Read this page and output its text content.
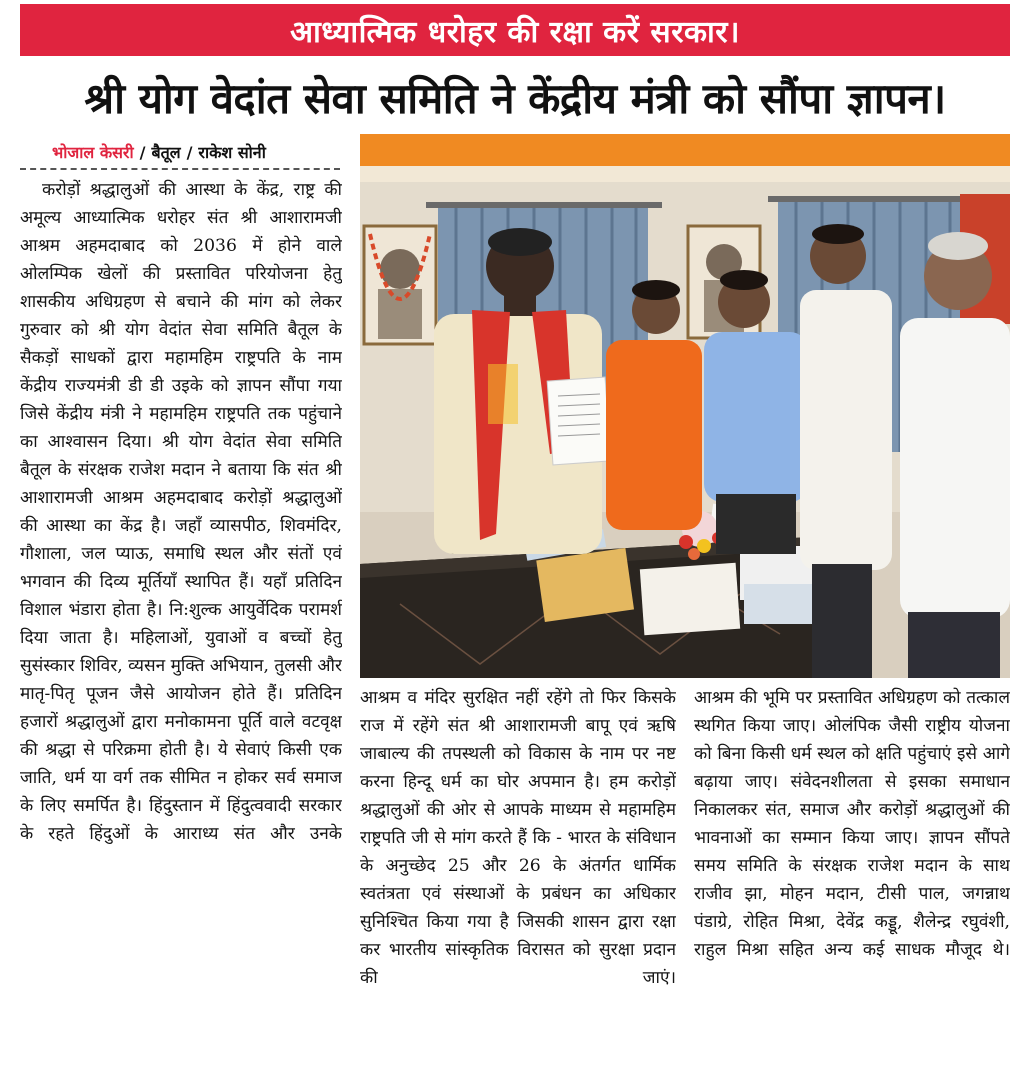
आध्यात्मिक धरोहर की रक्षा करें सरकार।
श्री योग वेदांत सेवा समिति ने केंद्रीय मंत्री को सौंपा ज्ञापन।
भोजाल केसरी / बैतूल / राकेश सोनी

करोड़ों श्रद्धालुओं की आस्था के केंद्र, राष्ट्र की अमूल्य आध्यात्मिक धरोहर संत श्री आशारामजी आश्रम अहमदाबाद को 2036 में होने वाले ओलम्पिक खेलों की प्रस्तावित परियोजना हेतु शासकीय अधिग्रहण से बचाने की मांग को लेकर गुरुवार को श्री योग वेदांत सेवा समिति बैतूल के सैकड़ों साधकों द्वारा महामहिम राष्ट्रपति के नाम केंद्रीय राज्यमंत्री डी डी उइके को ज्ञापन सौंपा गया जिसे केंद्रीय मंत्री ने महामहिम राष्ट्रपति तक पहुंचाने का आश्वासन दिया। श्री योग वेदांत सेवा समिति बैतूल के संरक्षक राजेश मदान ने बताया कि संत श्री आशारामजी आश्रम अहमदाबाद करोड़ों श्रद्धालुओं की आस्था का केंद्र है। जहाँ व्यासपीठ, शिवमंदिर, गौशाला, जल प्याऊ, समाधि स्थल और संतों एवं भगवान की दिव्य मूर्तियाँ स्थापित हैं। यहाँ प्रतिदिन विशाल भंडारा होता है। नि:शुल्क आयुर्वेदिक परामर्श दिया जाता है। महिलाओं, युवाओं व बच्चों हेतु सुसंस्कार शिविर, व्यसन मुक्ति अभियान, तुलसी और मातृ-पितृ पूजन जैसे आयोजन होते हैं। प्रतिदिन हजारों श्रद्धालुओं द्वारा मनोकामना पूर्ति वाले वटवृक्ष की श्रद्धा से परिक्रमा होती है। ये सेवाएं किसी एक जाति, धर्म या वर्ग तक सीमित न होकर सर्व समाज के लिए समर्पित है। हिंदुस्तान में हिंदुत्ववादी सरकार के रहते हिंदुओं के आराध्य संत और उनके

आश्रम व मंदिर सुरक्षित नहीं रहेंगे तो फिर किसके राज में रहेंगे संत श्री आशारामजी बापू एवं ऋषि जाबाल्य की तपस्थली को विकास के नाम पर नष्ट करना हिन्दू धर्म का घोर अपमान है। हम करोड़ों श्रद्धालुओं की ओर से आपके माध्यम से महामहिम राष्ट्रपति जी से मांग करते हैं कि - भारत के संविधान के अनुच्छेद 25 और 26 के अंतर्गत धार्मिक स्वतंत्रता एवं संस्थाओं के प्रबंधन का अधिकार सुनिश्चित किया गया है जिसकी शासन द्वारा रक्षा कर भारतीय सांस्कृतिक विरासत को सुरक्षा प्रदान की जाएं।

आश्रम की भूमि पर प्रस्तावित अधिग्रहण को तत्काल स्थगित किया जाए। ओलंपिक जैसी राष्ट्रीय योजना को बिना किसी धर्म स्थल को क्षति पहुंचाएं इसे आगे बढ़ाया जाए। संवेदनशीलता से इसका समाधान निकालकर संत, समाज और करोड़ों श्रद्धालुओं की भावनाओं का सम्मान किया जाए। ज्ञापन सौंपते समय समिति के संरक्षक राजेश मदान के साथ राजीव झा, मोहन मदान, टीसी पाल, जगन्नाथ पंडाग्रे, रोहित मिश्रा, देवेंद्र कड्डू, शैलेन्द्र रघुवंशी, राहुल मिश्रा सहित अन्य कई साधक मौजूद थे।
